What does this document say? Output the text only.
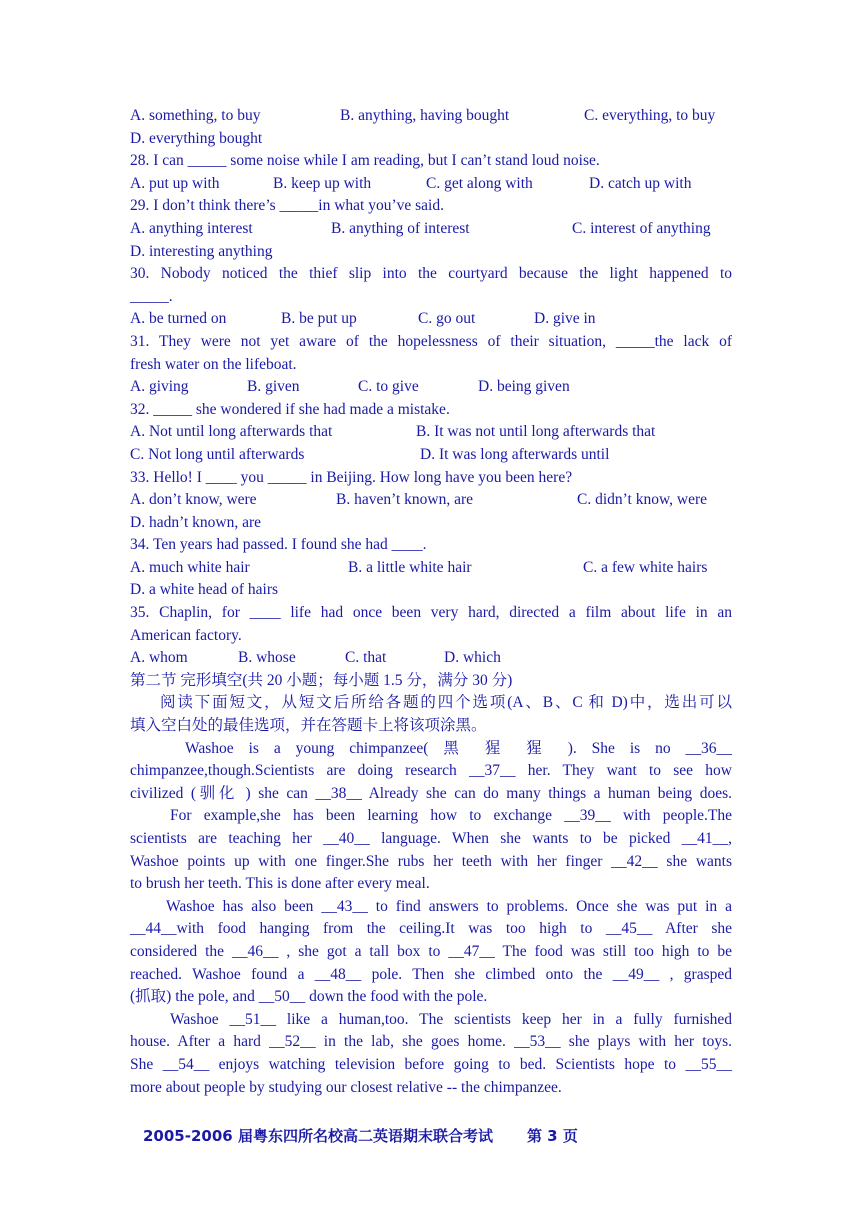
A. something, to buy	B. anything, having bought	C. everything, to buy
D. everything bought
28. I can _____ some noise while I am reading, but I can’t stand loud noise.
A. put up with	B. keep up with	C. get along with	D. catch up with
29. I don’t think there’s _____in what you’ve said.
A. anything interest	B. anything of interest	C. interest of anything
D. interesting anything
30. Nobody noticed the thief slip into the courtyard because the light happened to
_____.
A. be turned on	B. be put up	C. go out	D. give in
31. They were not yet aware of the hopelessness of their situation, _____the lack of
fresh water on the lifeboat.
A. giving	B. given	C. to give	D. being given
32. _____ she wondered if she had made a mistake.
A. Not until long afterwards that	B. It was not until long afterwards that
C. Not long until afterwards	D. It was long afterwards until
33. Hello! I ____ you _____ in Beijing. How long have you been here?
A. don’t know, were	B. haven’t known, are	C. didn’t know, were
D. hadn’t known, are
34. Ten years had passed. I found she had ____.
A. much white hair	B. a little white hair	C. a few white hairs
D. a white head of hairs
35. Chaplin, for ____ life had once been very hard, directed a film about life in an
American factory.
A. whom	B. whose	C. that	D. which
第二节 完形填空(共 20 小题；每小题 1.5 分，满分 30 分)
阅读下面短文，从短文后所给各题的四个选项(A、B、C 和 D)中，选出可以
填入空白处的最佳选项，并在答题卡上将该项涂黑。
Washoe is a young chimpanzee( 黑 猩 猩 ). She is no __36__
chimpanzee,though.Scientists are doing research __37__ her. They want to see how
civilized (驯化 ) she can __38__ Already she can do many things a human being does.
For example,she has been learning how to exchange __39__ with people.The
scientists are teaching her __40__ language. When she wants to be picked __41__,
Washoe points up with one finger.She rubs her teeth with her finger __42__ she wants
to brush her teeth. This is done after every meal.
Washoe has also been __43__ to find answers to problems. Once she was put in a
__44__with food hanging from the ceiling.It was too high to __45__ After she
considered the __46__ , she got a tall box to __47__ The food was still too high to be
reached. Washoe found a __48__ pole. Then she climbed onto the __49__ , grasped
(抓取) the pole, and __50__ down the food with the pole.
Washoe __51__ like a human,too. The scientists keep her in a fully furnished
house. After a hard __52__ in the lab, she goes home. __53__ she plays with her toys.
She __54__ enjoys watching television before going to bed. Scientists hope to __55__
more about people by studying our closest relative -- the chimpanzee.
2005-2006 届粤东四所名校高二英语期末联合考试 第 3 页
